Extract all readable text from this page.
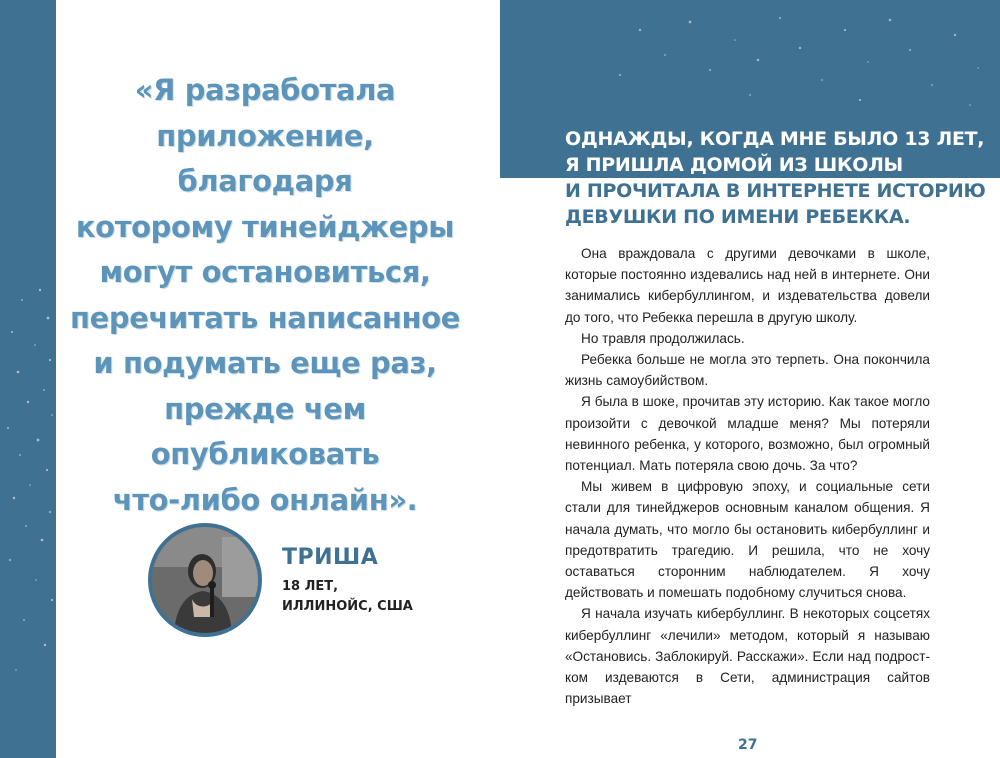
«Я разработала
приложение, благодаря
которому тинейджеры
могут остановиться,
перечитать написанное
и подумать еще раз,
прежде чем опубликовать
что-либо онлайн».
ТРИША
18 ЛЕТ,
ИЛЛИНОЙС, США
ОДНАЖДЫ, КОГДА МНЕ БЫЛО 13 ЛЕТ,
Я ПРИШЛА ДОМОЙ ИЗ ШКОЛЫ
И ПРОЧИТАЛА В ИНТЕРНЕТЕ ИСТОРИЮ
ДЕВУШКИ ПО ИМЕНИ РЕБЕККА.

Она враждовала с другими девочками в школе, которые постоянно издевались над ней в интернете. Они занимались кибербуллингом, и издевательства довели до того, что Ребекка перешла в другую школу.

Но травля продолжилась.

Ребекка больше не могла это терпеть. Она покончила жизнь самоубийством.

Я была в шоке, прочитав эту историю. Как такое могло произойти с девочкой младше меня? Мы потеряли невинного ребенка, у которого, возможно, был огромный потенциал. Мать потеряла свою дочь. За что?

Мы живем в цифровую эпоху, и социальные сети стали для тинейджеров основным каналом общения. Я начала думать, что могло бы остановить кибербуллинг и предотвратить трагедию. И решила, что не хочу оставаться сторонним наблюдателем. Я хочу действовать и помешать подобному случиться снова.

Я начала изучать кибербуллинг. В некоторых соцсетях кибербуллинг «лечили» методом, который я называю «Остановись. Заблокируй. Расскажи». Если над подростком издеваются в Сети, администрация сайтов призывает

27
